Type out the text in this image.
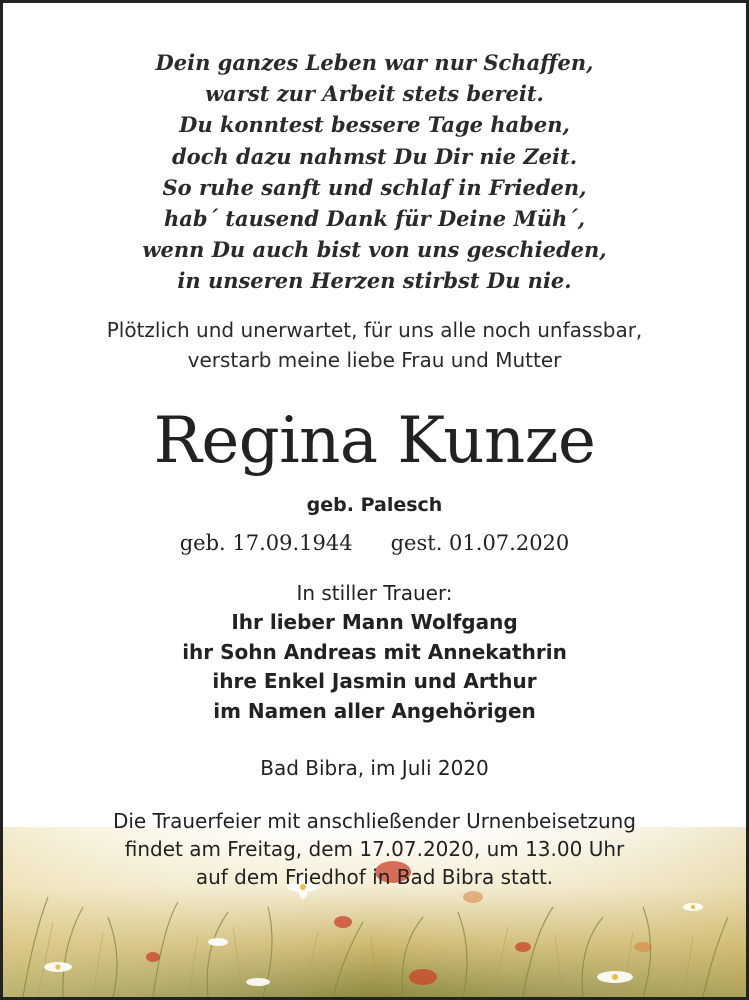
Dein ganzes Leben war nur Schaffen,
warst zur Arbeit stets bereit.
Du konntest bessere Tage haben,
doch dazu nahmst Du Dir nie Zeit.
So ruhe sanft und schlaf in Frieden,
hab´ tausend Dank für Deine Müh´,
wenn Du auch bist von uns geschieden,
in unseren Herzen stirbst Du nie.
Plötzlich und unerwartet, für uns alle noch unfassbar,
verstarb meine liebe Frau und Mutter
Regina Kunze
geb. Palesch
geb. 17.09.1944 gest. 01.07.2020
In stiller Trauer:
Ihr lieber Mann Wolfgang
ihr Sohn Andreas mit Annekathrin
ihre Enkel Jasmin und Arthur
im Namen aller Angehörigen
Bad Bibra, im Juli 2020
Die Trauerfeier mit anschließender Urnenbeisetzung
findet am Freitag, dem 17.07.2020, um 13.00 Uhr
auf dem Friedhof in Bad Bibra statt.
